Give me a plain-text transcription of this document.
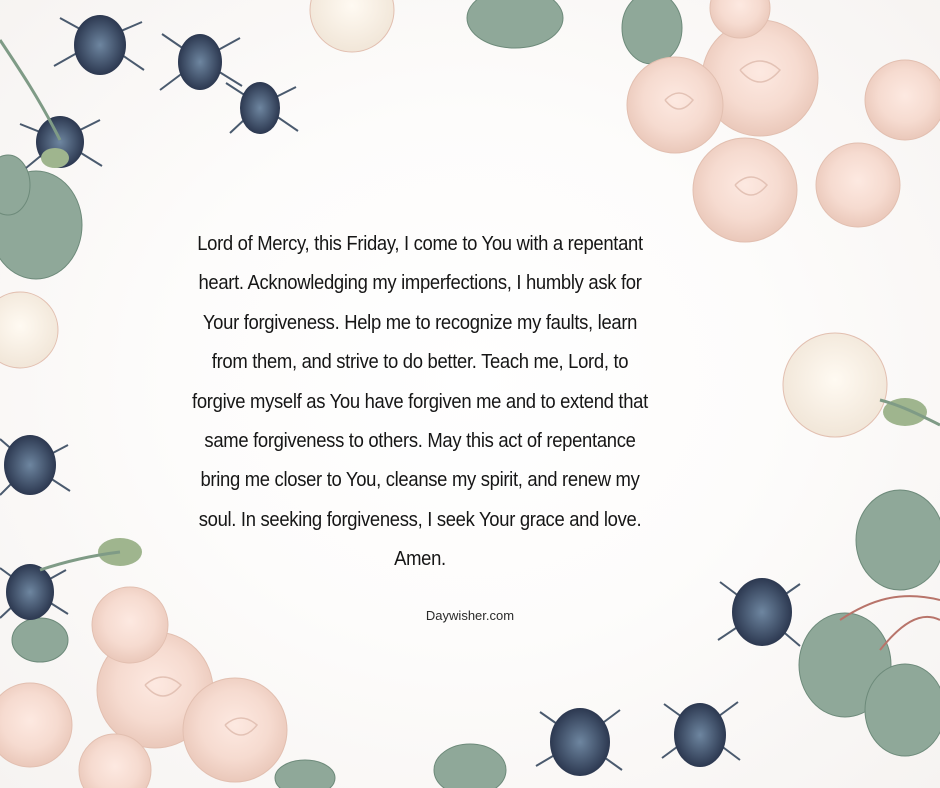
Lord of Mercy, this Friday, I come to You with a repentant
heart. Acknowledging my imperfections, I humbly ask for
Your forgiveness. Help me to recognize my faults, learn
from them, and strive to do better. Teach me, Lord, to
forgive myself as You have forgiven me and to extend that
same forgiveness to others. May this act of repentance
bring me closer to You, cleanse my spirit, and renew my
soul. In seeking forgiveness, I seek Your grace and love.
Amen.

Daywisher.com
